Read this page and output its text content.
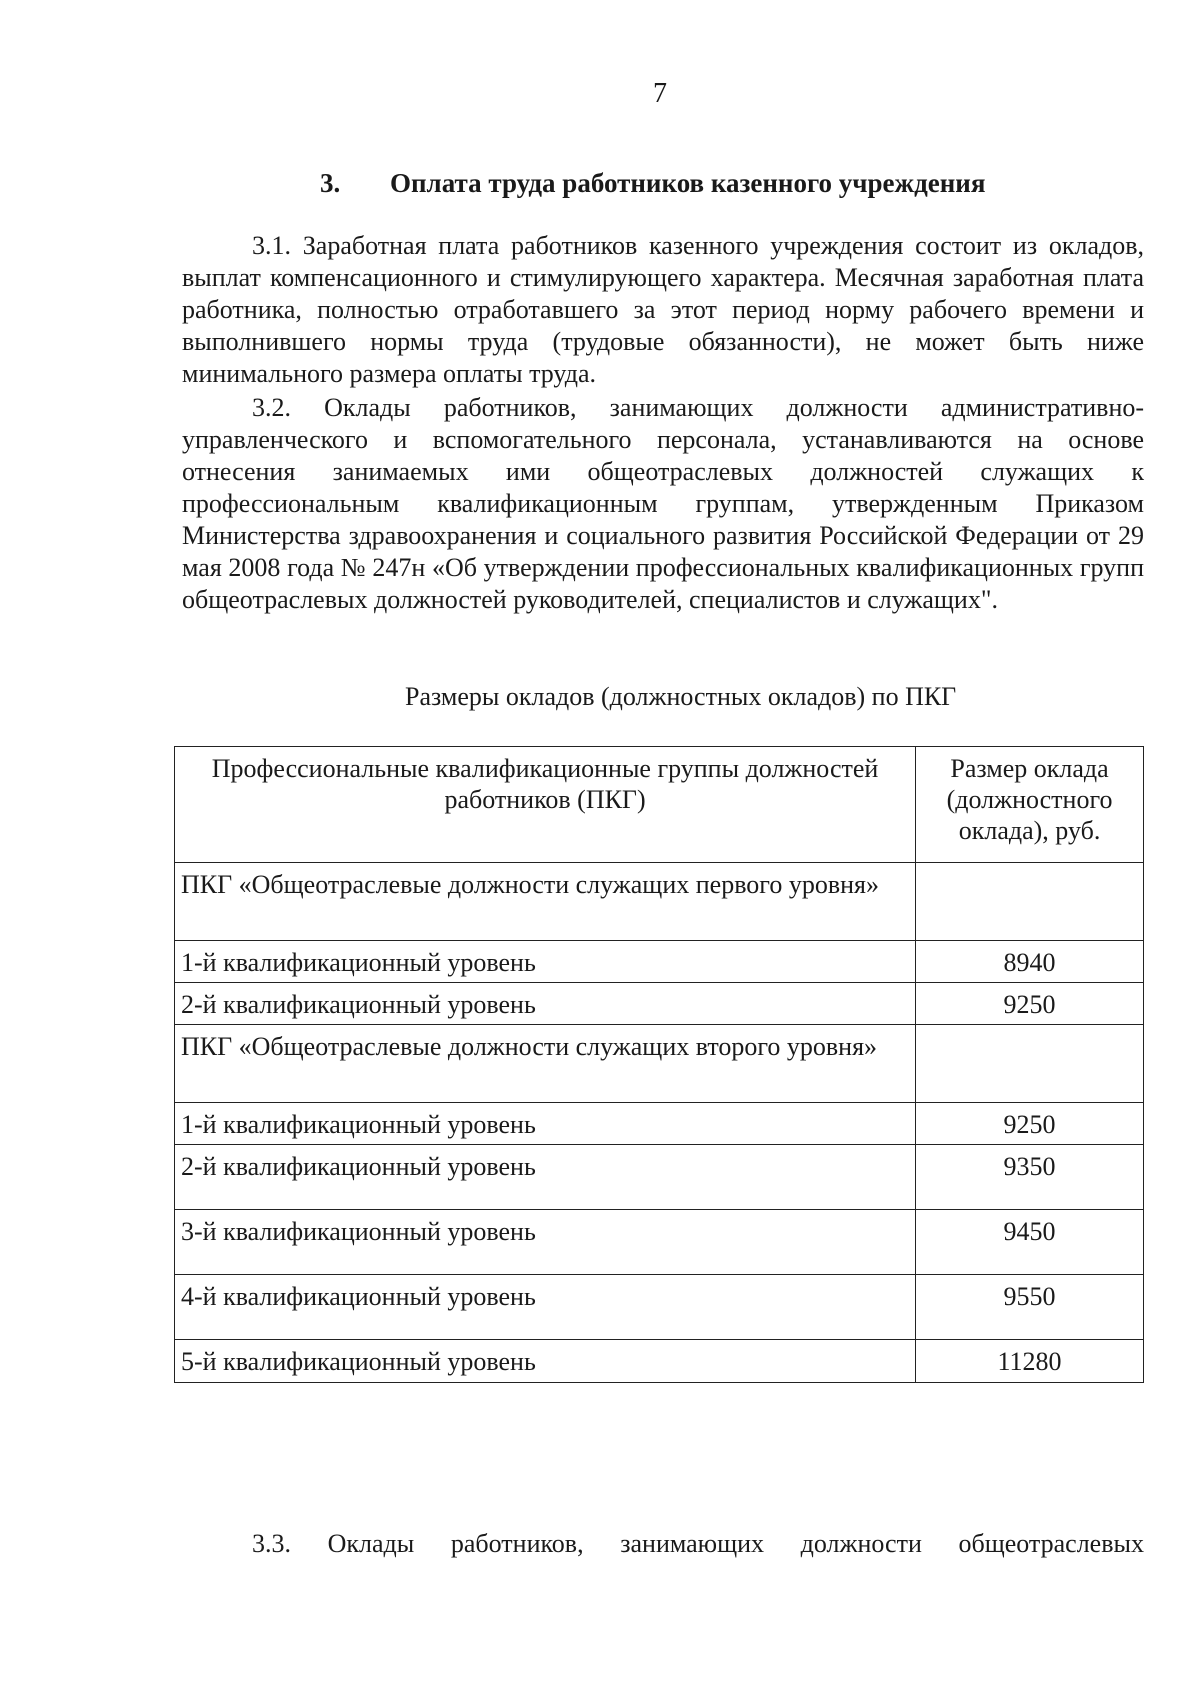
7
3. Оплата труда работников казенного учреждения

3.1. Заработная плата работников казенного учреждения состоит из окладов, выплат компенсационного и стимулирующего характера. Месячная заработная плата работника, полностью отработавшего за этот период норму рабочего времени и выполнившего нормы труда (трудовые обязанности), не может быть ниже минимального размера оплаты труда.

3.2. Оклады работников, занимающих должности административно-управленческого и вспомогательного персонала, устанавливаются на основе отнесения занимаемых ими общеотраслевых должностей служащих к профессиональным квалификационным группам, утвержденным Приказом Министерства здравоохранения и социального развития Российской Федерации от 29 мая 2008 года № 247н «Об утверждении профессиональных квалификационных групп общеотраслевых должностей руководителей, специалистов и служащих".

Размеры окладов (должностных окладов) по ПКГ
Профессиональные квалификационные группы должностей работников (ПКГ)	Размер оклада (должностного оклада), руб.
ПКГ «Общеотраслевые должности служащих первого уровня»	
1-й квалификационный уровень	8940
2-й квалификационный уровень	9250
ПКГ «Общеотраслевые должности служащих второго уровня»	
1-й квалификационный уровень	9250
2-й квалификационный уровень	9350
3-й квалификационный уровень	9450
4-й квалификационный уровень	9550
5-й квалификационный уровень	11280
3.3. Оклады работников, занимающих должности общеотраслевых
